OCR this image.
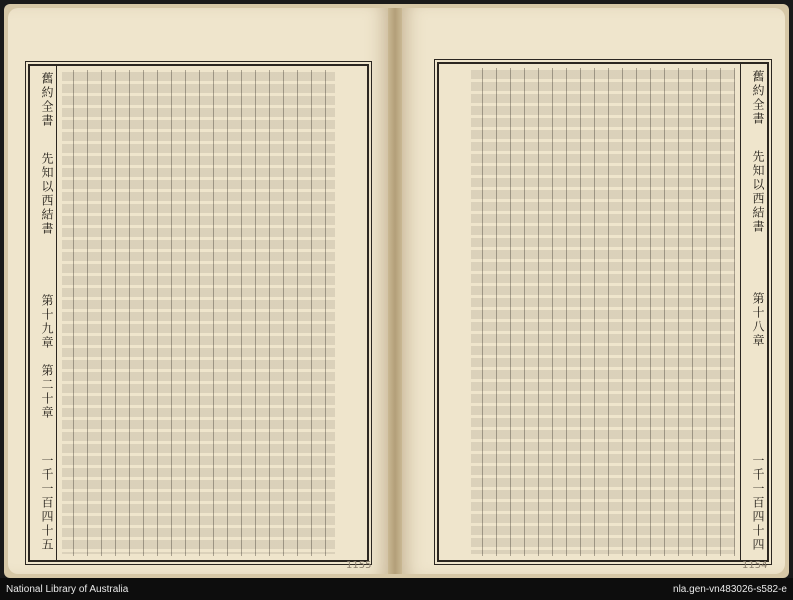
舊約全書
先知以西結書
第十九章　第二十章
一千一百四十五
1155
舊約全書
先知以西結書
第十八章
一千一百四十四
1154
National Library of Australia	nla.gen-vn483026-s582-e
